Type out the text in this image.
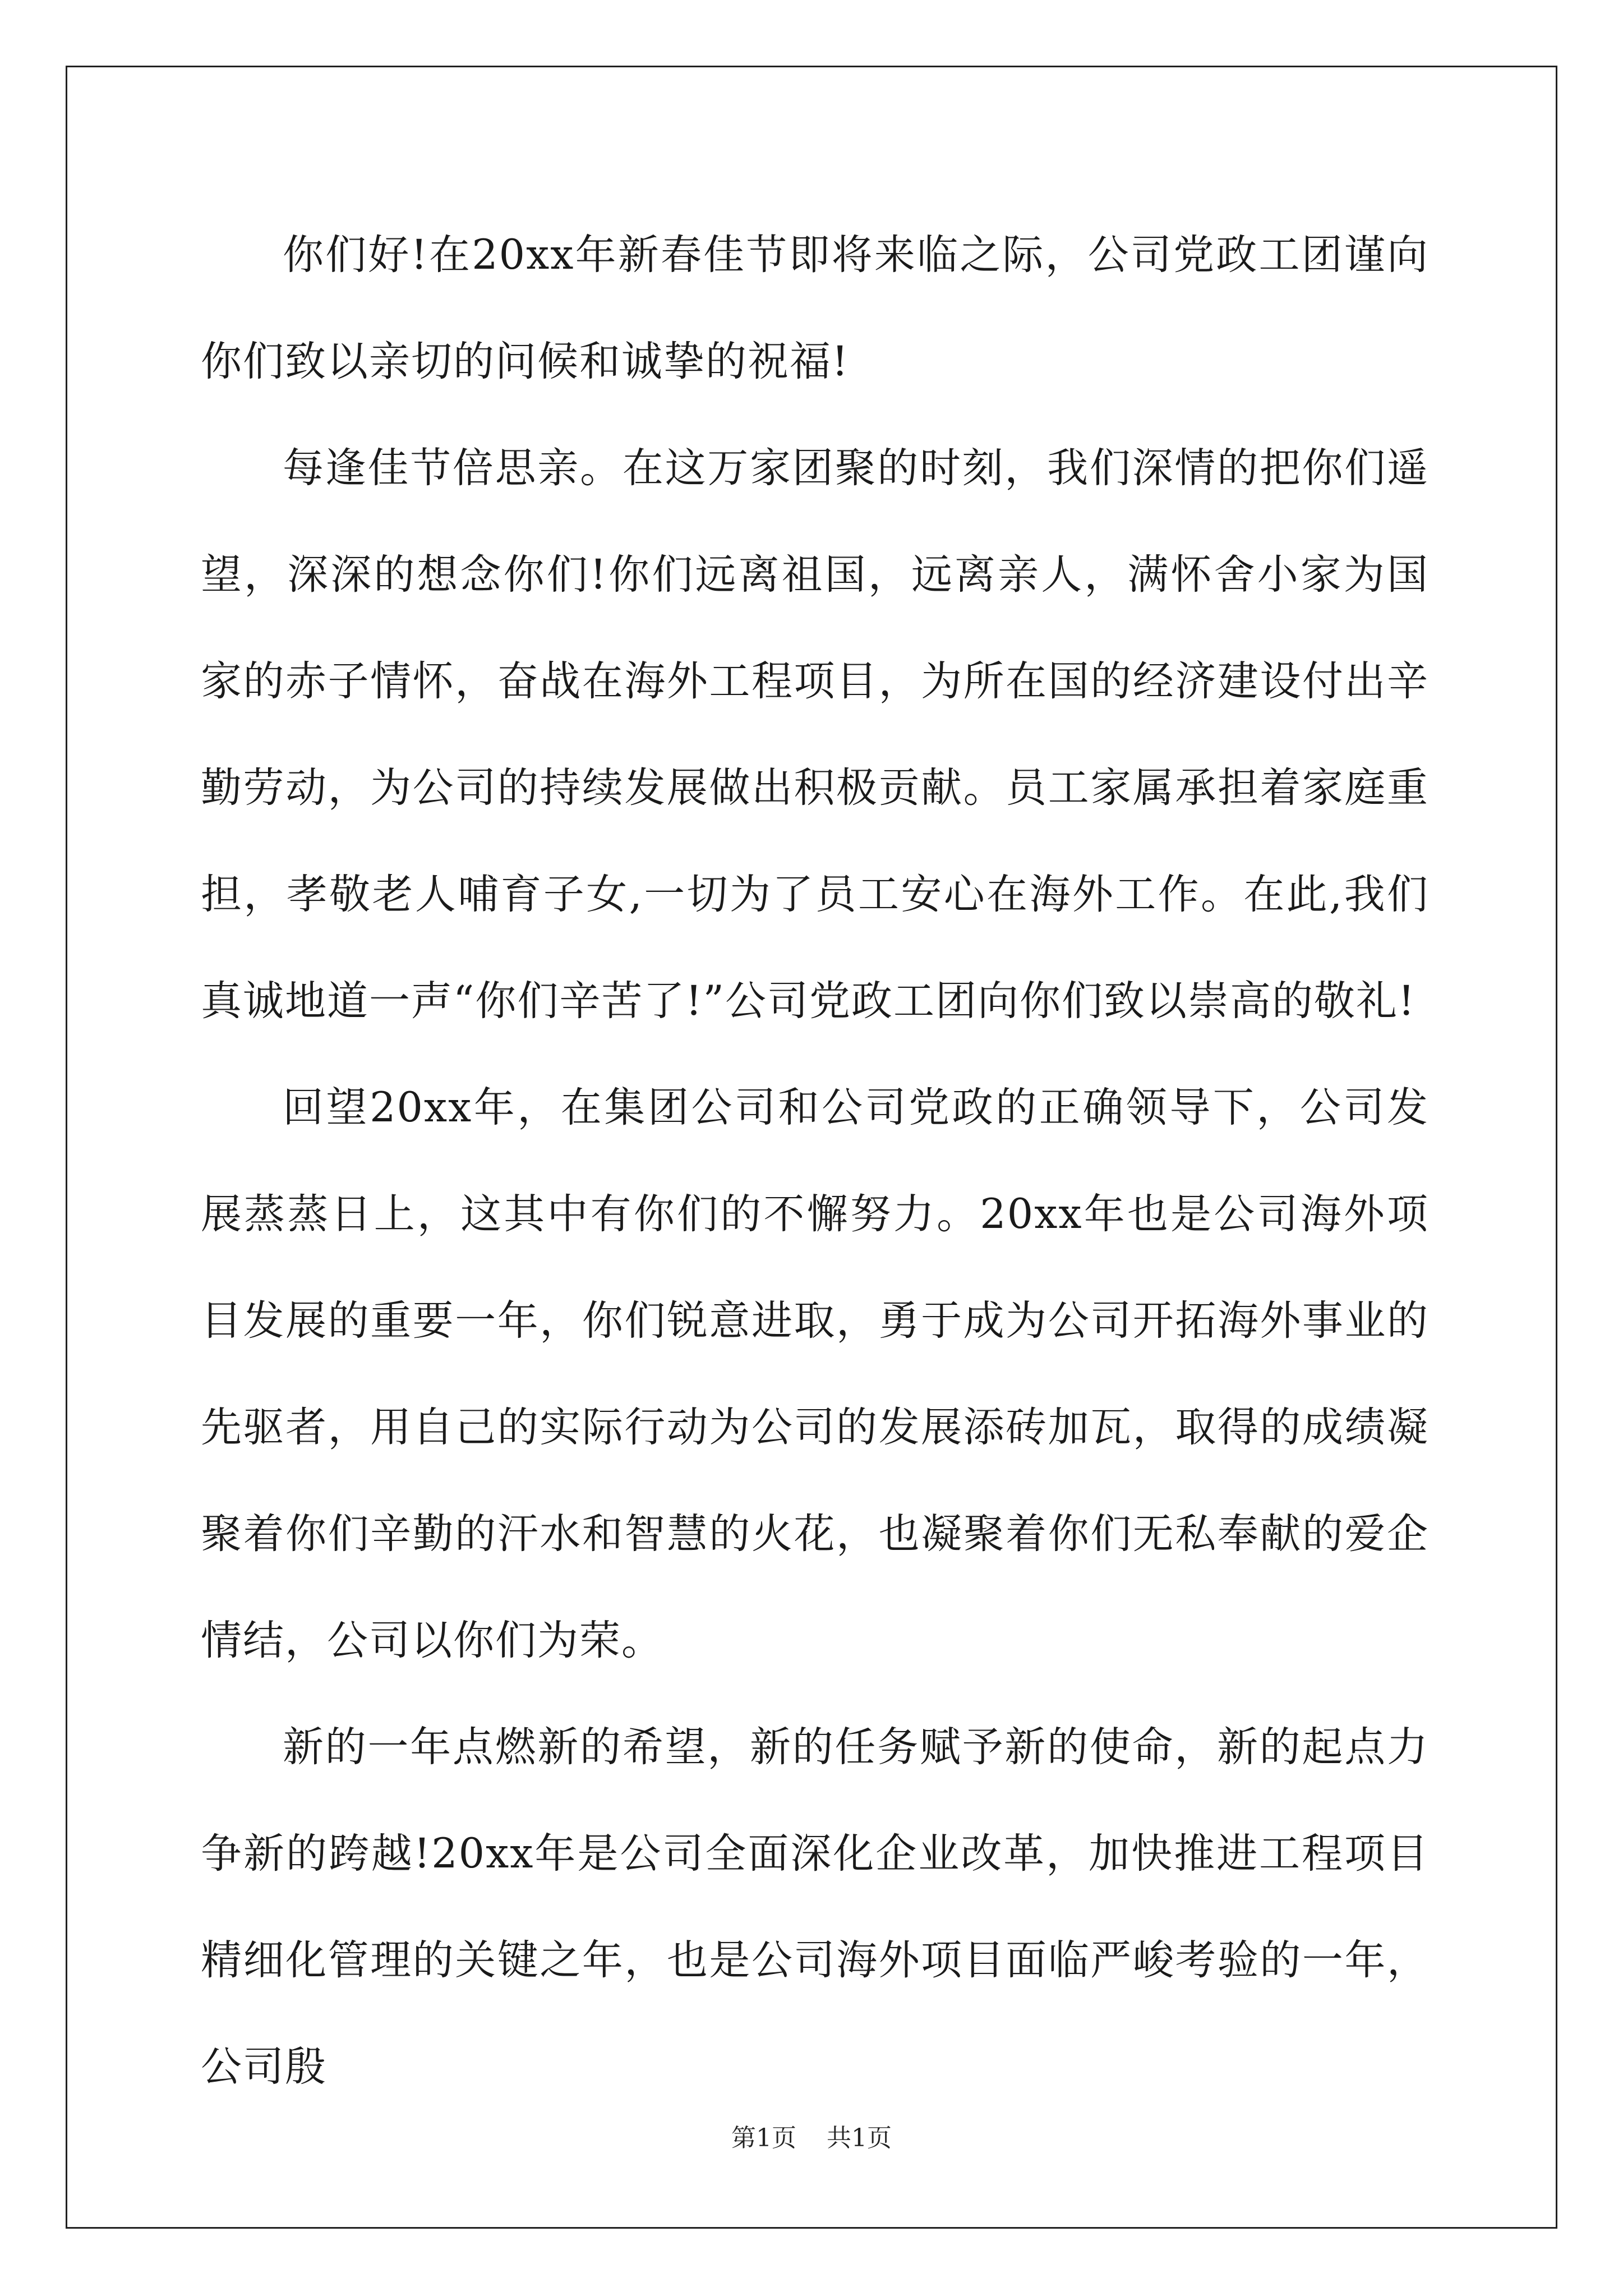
你们好!在20xx年新春佳节即将来临之际，公司党政工团谨向你们致以亲切的问候和诚挚的祝福!

每逢佳节倍思亲。在这万家团聚的时刻，我们深情的把你们遥望，深深的想念你们!你们远离祖国，远离亲人，满怀舍小家为国家的赤子情怀，奋战在海外工程项目，为所在国的经济建设付出辛勤劳动，为公司的持续发展做出积极贡献。员工家属承担着家庭重担，孝敬老人哺育子女,一切为了员工安心在海外工作。在此,我们真诚地道一声“你们辛苦了!”公司党政工团向你们致以崇高的敬礼!

回望20xx年，在集团公司和公司党政的正确领导下，公司发展蒸蒸日上，这其中有你们的不懈努力。20xx年也是公司海外项目发展的重要一年，你们锐意进取，勇于成为公司开拓海外事业的先驱者，用自己的实际行动为公司的发展添砖加瓦，取得的成绩凝聚着你们辛勤的汗水和智慧的火花，也凝聚着你们无私奉献的爱企情结，公司以你们为荣。

新的一年点燃新的希望，新的任务赋予新的使命，新的起点力争新的跨越!20xx年是公司全面深化企业改革，加快推进工程项目精细化管理的关键之年，也是公司海外项目面临严峻考验的一年，公司殷

第1页 共1页
